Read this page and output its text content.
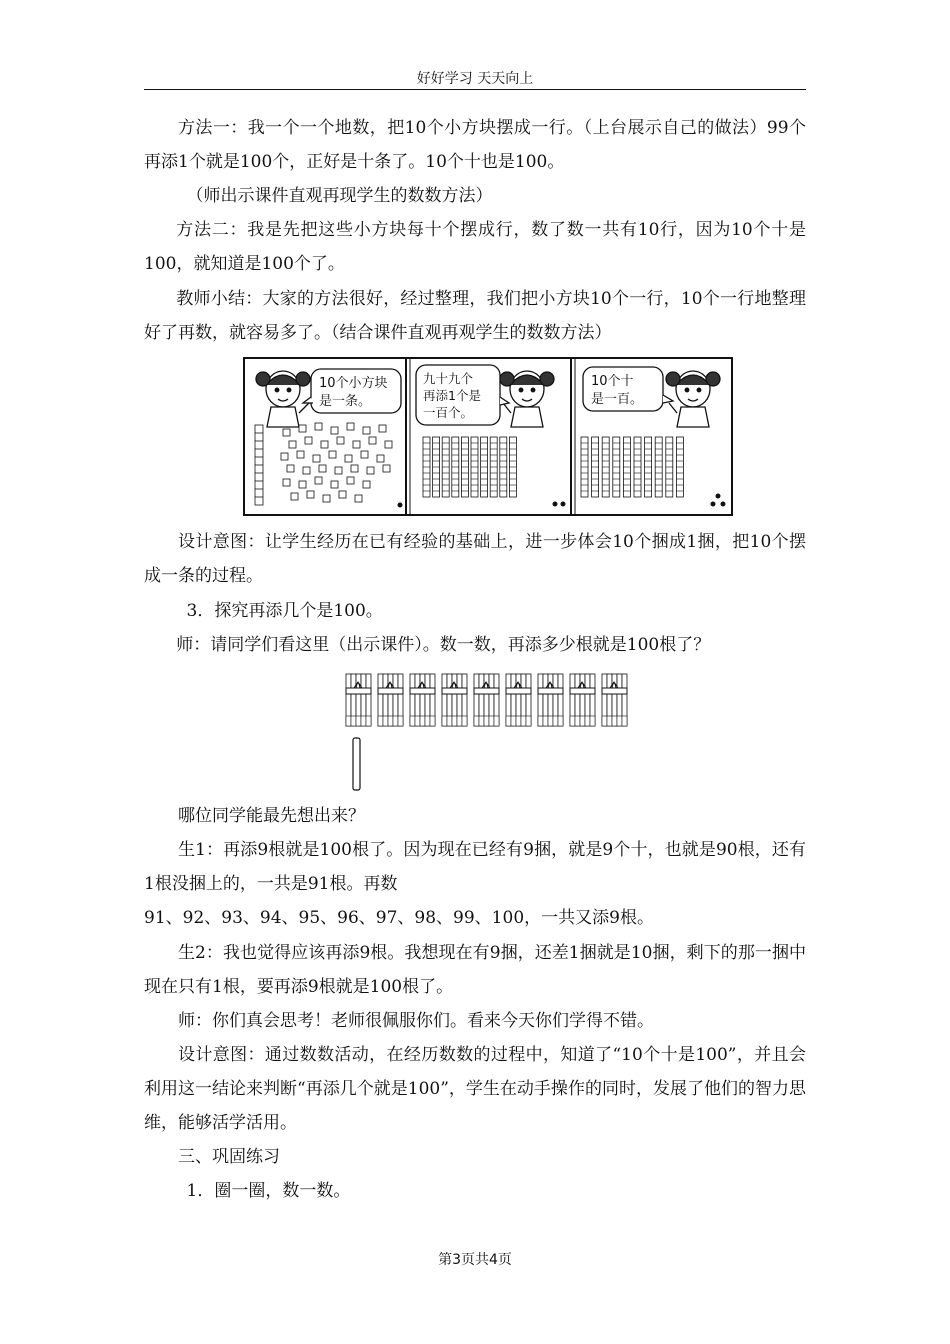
好好学习 天天向上

方法一：我一个一个地数，把10个小方块摆成一行。（上台展示自己的做法）99个再添1个就是100个，正好是十条了。10个十也是100。

（师出示课件直观再现学生的数数方法）

方法二：我是先把这些小方块每十个摆成行，数了数一共有10行，因为10个十是100，就知道是100个了。

教师小结：大家的方法很好，经过整理，我们把小方块10个一行，10个一行地整理好了再数，就容易多了。（结合课件直观再观学生的数数方法）

10个小方块
是一条。
九十九个
再添1个是
一百个。
10个十
是一百。

设计意图：让学生经历在已有经验的基础上，进一步体会10个捆成1捆，把10个摆成一条的过程。

3．探究再添几个是100。

师：请同学们看这里（出示课件）。数一数，再添多少根就是100根了？

哪位同学能最先想出来？

生1：再添9根就是100根了。因为现在已经有9捆，就是9个十，也就是90根，还有1根没捆上的，一共是91根。再数

91、92、93、94、95、96、97、98、99、100，一共又添9根。

生2：我也觉得应该再添9根。我想现在有9捆，还差1捆就是10捆，剩下的那一捆中现在只有1根，要再添9根就是100根了。

师：你们真会思考！老师很佩服你们。看来今天你们学得不错。

设计意图：通过数数活动，在经历数数的过程中，知道了“10个十是100”，并且会利用这一结论来判断“再添几个就是100”，学生在动手操作的同时，发展了他们的智力思维，能够活学活用。

三、巩固练习

1．圈一圈，数一数。

第3页共4页
